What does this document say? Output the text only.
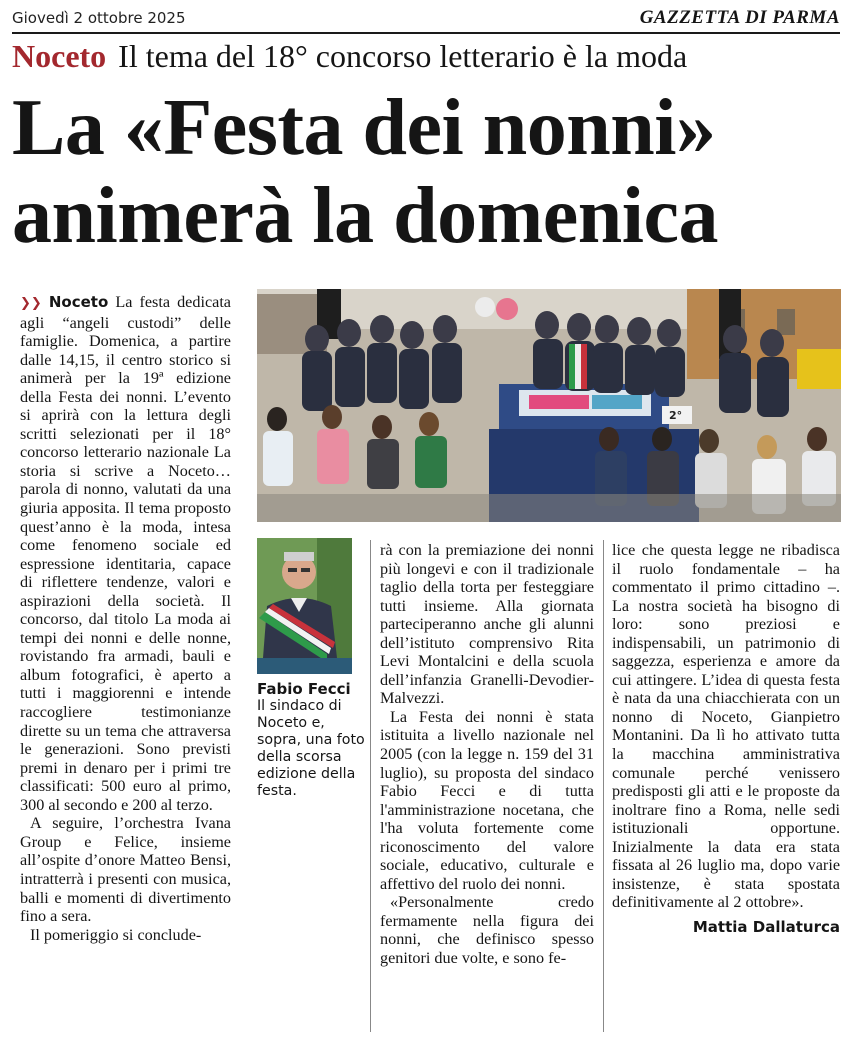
Giovedì 2 ottobre 2025	GAZZETTA DI PARMA
Noceto Il tema del 18° concorso letterario è la moda
La «Festa dei nonni»
animerà la domenica

❯❯ Noceto La festa dedicata agli “angeli custodi” delle famiglie. Domenica, a partire dalle 14,15, il centro storico si animerà per la 19ª edizione della Festa dei nonni. L’evento si aprirà con la lettura degli scritti selezionati per il 18° concorso letterario nazionale La storia si scrive a Noceto… parola di nonno, valutati da una giuria apposita. Il tema proposto quest’anno è la moda, intesa come fenomeno sociale ed espressione identitaria, capace di riflettere tendenze, valori e aspirazioni della società. Il concorso, dal titolo La moda ai tempi dei nonni e delle nonne, rovistando fra armadi, bauli e album fotografici, è aperto a tutti i maggiorenni e intende raccogliere testimonianze dirette su un tema che attraversa le generazioni. Sono previsti premi in denaro per i primi tre classificati: 500 euro al primo, 300 al secondo e 200 al terzo.

A seguire, l’orchestra Ivana Group e Felice, insieme all’ospite d’onore Matteo Bensi, intratterrà i presenti con musica, balli e momenti di divertimento fino a sera.

Il pomeriggio si conclude-

2°
Fabio Fecci
Il sindaco di Noceto e, sopra, una foto della scorsa edizione della festa.

rà con la premiazione dei nonni più longevi e con il tradizionale taglio della torta per festeggiare tutti insieme. Alla giornata parteciperanno anche gli alunni dell’istituto comprensivo Rita Levi Montalcini e della scuola dell’infanzia Granelli-Devodier-Malvezzi.

La Festa dei nonni è stata istituita a livello nazionale nel 2005 (con la legge n. 159 del 31 luglio), su proposta del sindaco Fabio Fecci e di tutta l'amministrazione nocetana, che l'ha voluta fortemente come riconoscimento del valore sociale, educativo, culturale e affettivo del ruolo dei nonni.

«Personalmente credo fermamente nella figura dei nonni, che definisco spesso genitori due volte, e sono fe-

lice che questa legge ne ribadisca il ruolo fondamentale – ha commentato il primo cittadino –. La nostra società ha bisogno di loro: sono preziosi e indispensabili, un patrimonio di saggezza, esperienza e amore da cui attingere. L’idea di questa festa è nata da una chiacchierata con un nonno di Noceto, Gianpietro Montanini. Da lì ho attivato tutta la macchina amministrativa comunale perché venissero predisposti gli atti e le proposte da inoltrare fino a Roma, nelle sedi istituzionali opportune. Inizialmente la data era stata fissata al 26 luglio ma, dopo varie insistenze, è stata spostata definitivamente al 2 ottobre».

Mattia Dallaturca
